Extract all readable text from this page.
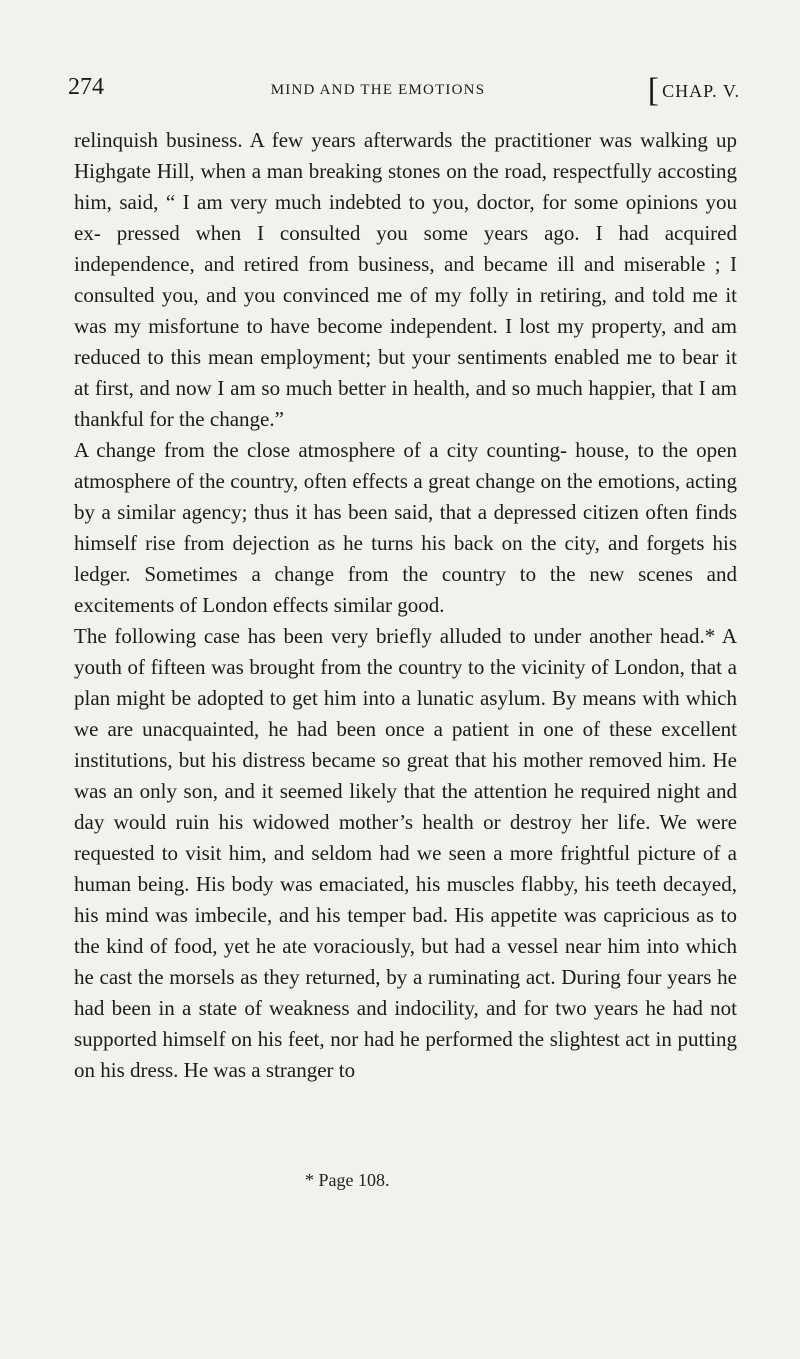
274	MIND AND THE EMOTIONS	[ CHAP. V.

relinquish business. A few years afterwards the practitioner was walking up Highgate Hill, when a man breaking stones on the road, respectfully accosting him, said, “ I am very much indebted to you, doctor, for some opinions you ex- pressed when I consulted you some years ago. I had acquired independence, and retired from business, and became ill and miserable ; I consulted you, and you convinced me of my folly in retiring, and told me it was my misfortune to have become independent. I lost my property, and am reduced to this mean employment; but your sentiments enabled me to bear it at first, and now I am so much better in health, and so much happier, that I am thankful for the change.”

A change from the close atmosphere of a city counting- house, to the open atmosphere of the country, often effects a great change on the emotions, acting by a similar agency; thus it has been said, that a depressed citizen often finds himself rise from dejection as he turns his back on the city, and forgets his ledger. Sometimes a change from the country to the new scenes and excitements of London effects similar good.

The following case has been very briefly alluded to under another head.* A youth of fifteen was brought from the country to the vicinity of London, that a plan might be adopted to get him into a lunatic asylum. By means with which we are unacquainted, he had been once a patient in one of these excellent institutions, but his distress became so great that his mother removed him. He was an only son, and it seemed likely that the attention he required night and day would ruin his widowed mother’s health or destroy her life. We were requested to visit him, and seldom had we seen a more frightful picture of a human being. His body was emaciated, his muscles flabby, his teeth decayed, his mind was imbecile, and his temper bad. His appetite was capricious as to the kind of food, yet he ate voraciously, but had a vessel near him into which he cast the morsels as they returned, by a ruminating act. During four years he had been in a state of weakness and indocility, and for two years he had not supported himself on his feet, nor had he performed the slightest act in putting on his dress. He was a stranger to

* Page 108.
